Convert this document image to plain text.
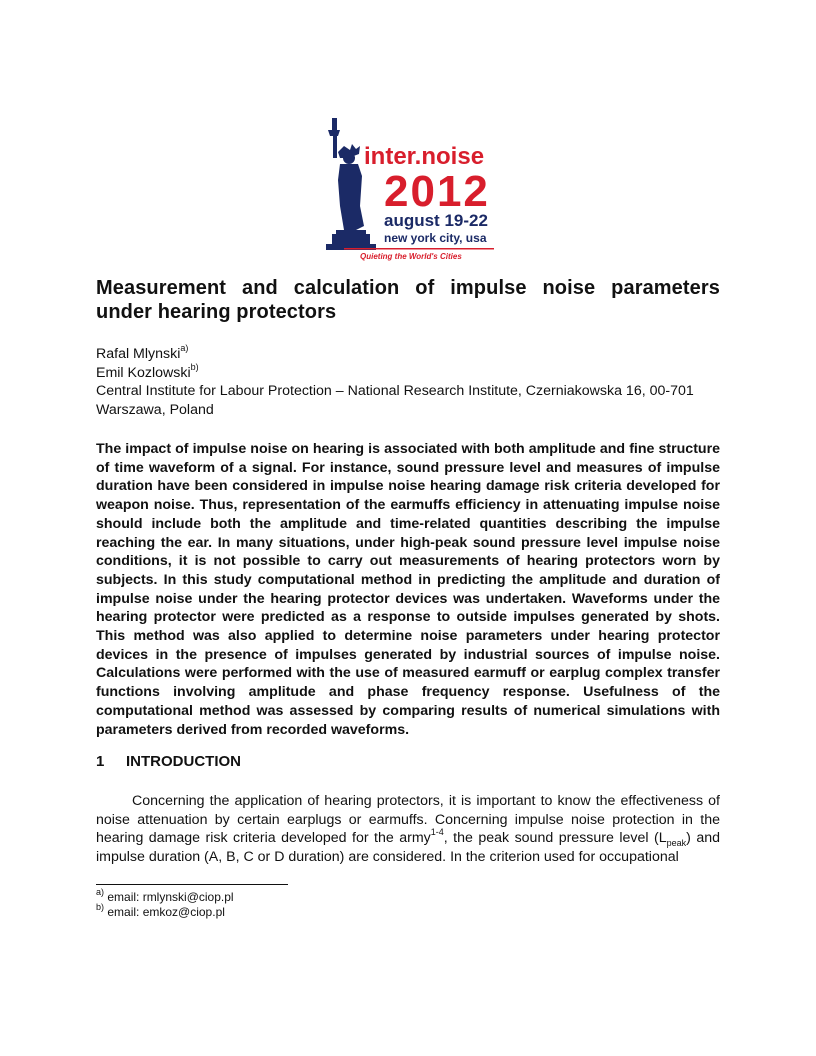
inter.noise
2012
august 19-22
new york city, usa
Quieting the World's Cities
Measurement and calculation of impulse noise parameters under hearing protectors
Rafal Mlynski$^{a)}$
Emil Kozlowski$^{b)}$
Central Institute for Labour Protection – National Research Institute, Czerniakowska 16, 00-701 Warszawa, Poland

The impact of impulse noise on hearing is associated with both amplitude and fine structure of time waveform of a signal. For instance, sound pressure level and measures of impulse duration have been considered in impulse noise hearing damage risk criteria developed for weapon noise. Thus, representation of the earmuffs efficiency in attenuating impulse noise should include both the amplitude and time-related quantities describing the impulse reaching the ear. In many situations, under high-peak sound pressure level impulse noise conditions, it is not possible to carry out measurements of hearing protectors worn by subjects. In this study computational method in predicting the amplitude and duration of impulse noise under the hearing protector devices was undertaken. Waveforms under the hearing protector were predicted as a response to outside impulses generated by shots. This method was also applied to determine noise parameters under hearing protector devices in the presence of impulses generated by industrial sources of impulse noise. Calculations were performed with the use of measured earmuff or earplug complex transfer functions involving amplitude and phase frequency response. Usefulness of the computational method was assessed by comparing results of numerical simulations with parameters derived from recorded waveforms.

1 INTRODUCTION

Concerning the application of hearing protectors, it is important to know the effectiveness of noise attenuation by certain earplugs or earmuffs. Concerning impulse noise protection in the hearing damage risk criteria developed for the army$^{1-4}$, the peak sound pressure level $(L_{peak})$ and impulse duration (A, B, C or D duration) are considered. In the criterion used for occupational

$^{a)}$ email: rmlynski@ciop.pl
$^{b)}$ email: emkoz@ciop.pl
